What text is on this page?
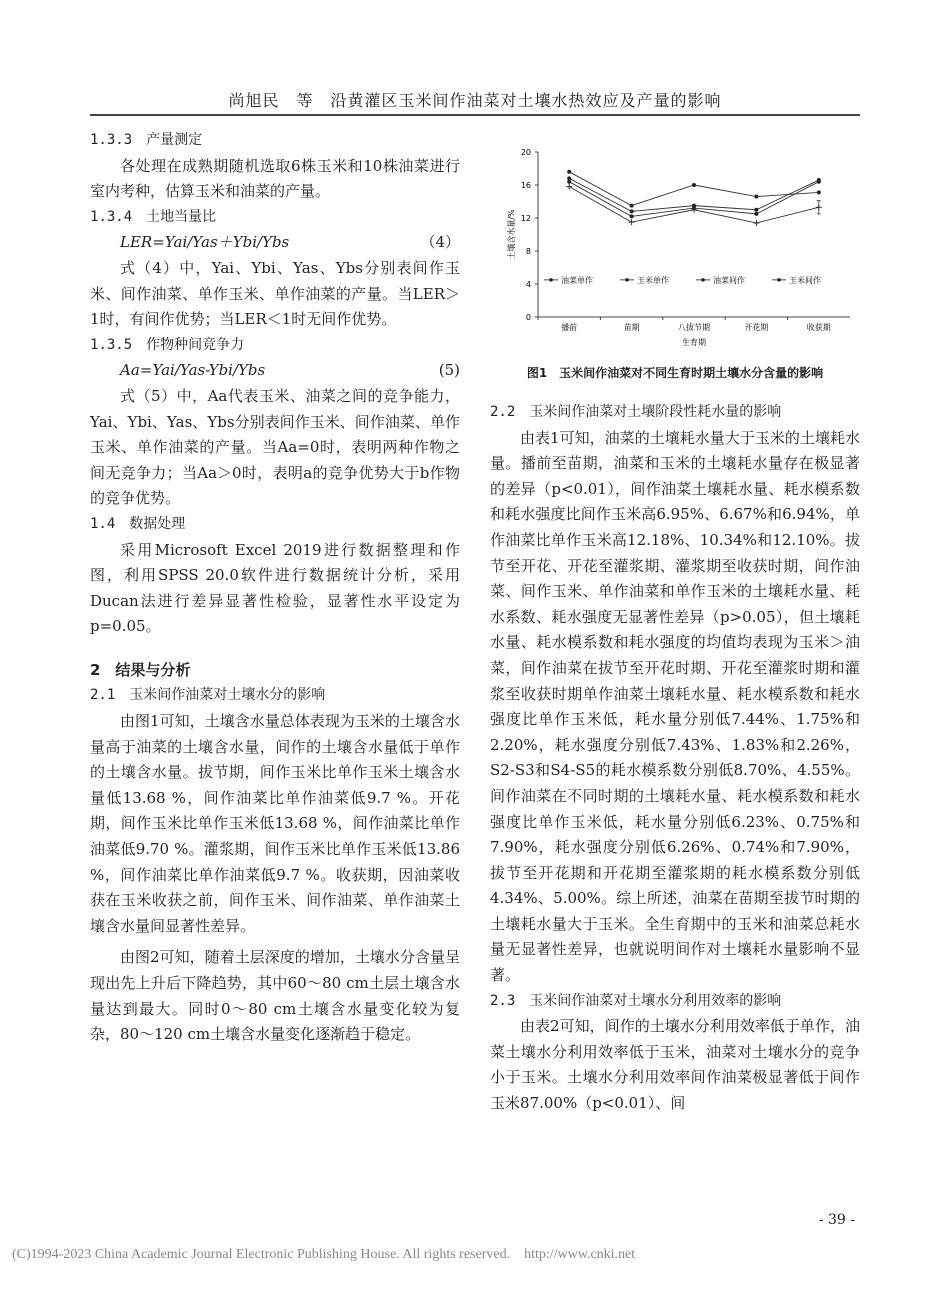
尚旭民　等　沿黄灌区玉米间作油菜对土壤水热效应及产量的影响
1.3.3　产量测定

各处理在成熟期随机选取6株玉米和10株油菜进行室内考种，估算玉米和油菜的产量。

1.3.4　土地当量比
LER=Yai/Yas＋Ybi/Ybs	（4）

式（4）中，Yai、Ybi、Yas、Ybs分别表间作玉米、间作油菜、单作玉米、单作油菜的产量。当LER＞1时，有间作优势；当LER＜1时无间作优势。

1.3.5　作物种间竞争力
Aa=Yai/Yas-Ybi/Ybs	(5)

式（5）中，Aa代表玉米、油菜之间的竞争能力，Yai、Ybi、Yas、Ybs分别表间作玉米、间作油菜、单作玉米、单作油菜的产量。当Aa=0时，表明两种作物之间无竞争力；当Aa＞0时，表明a的竞争优势大于b作物的竞争优势。

1.4　数据处理

采用Microsoft Excel 2019进行数据整理和作图，利用SPSS 20.0软件进行数据统计分析，采用Ducan法进行差异显著性检验，显著性水平设定为p=0.05。

2　结果与分析
2.1　玉米间作油菜对土壤水分的影响

由图1可知，土壤含水量总体表现为玉米的土壤含水量高于油菜的土壤含水量，间作的土壤含水量低于单作的土壤含水量。拔节期，间作玉米比单作玉米土壤含水量低13.68 %，间作油菜比单作油菜低9.7 %。开花期，间作玉米比单作玉米低13.68 %，间作油菜比单作油菜低9.70 %。灌浆期，间作玉米比单作玉米低13.86 %，间作油菜比单作油菜低9.7 %。收获期，因油菜收获在玉米收获之前，间作玉米、间作油菜、单作油菜土壤含水量间显著性差异。

由图2可知，随着土层深度的增加，土壤水分含量呈现出先上升后下降趋势，其中60～80 cm土层土壤含水量达到最大。同时0～80 cm土壤含水量变化较为复杂，80～120 cm土壤含水量变化逐渐趋于稳定。

0
4
8
12
16
20
播前	苗期	八拔节期	开花期	收获期
生育期
土壤含水量/%
油菜单作	玉米单作	油菜间作	玉米间作
图1　玉米间作油菜对不同生育时期土壤水分含量的影响
2.2　玉米间作油菜对土壤阶段性耗水量的影响

由表1可知，油菜的土壤耗水量大于玉米的土壤耗水量。播前至苗期，油菜和玉米的土壤耗水量存在极显著的差异（p<0.01），间作油菜土壤耗水量、耗水模系数和耗水强度比间作玉米高6.95%、6.67%和6.94%，单作油菜比单作玉米高12.18%、10.34%和12.10%。拔节至开花、开花至灌浆期、灌浆期至收获时期，间作油菜、间作玉米、单作油菜和单作玉米的土壤耗水量、耗水系数、耗水强度无显著性差异（p>0.05），但土壤耗水量、耗水模系数和耗水强度的均值均表现为玉米＞油菜，间作油菜在拔节至开花时期、开花至灌浆时期和灌浆至收获时期单作油菜土壤耗水量、耗水模系数和耗水强度比单作玉米低，耗水量分别低7.44%、1.75%和2.20%，耗水强度分别低7.43%、1.83%和2.26%，S2-S3和S4-S5的耗水模系数分别低8.70%、4.55%。间作油菜在不同时期的土壤耗水量、耗水模系数和耗水强度比单作玉米低，耗水量分别低6.23%、0.75%和7.90%，耗水强度分别低6.26%、0.74%和7.90%，拔节至开花期和开花期至灌浆期的耗水模系数分别低4.34%、5.00%。综上所述，油菜在苗期至拔节时期的土壤耗水量大于玉米。全生育期中的玉米和油菜总耗水量无显著性差异，也就说明间作对土壤耗水量影响不显著。

2.3　玉米间作油菜对土壤水分利用效率的影响

由表2可知，间作的土壤水分利用效率低于单作，油菜土壤水分利用效率低于玉米，油菜对土壤水分的竞争小于玉米。土壤水分利用效率间作油菜极显著低于间作玉米87.00%（p<0.01）、间

- 39 -
(C)1994-2023 China Academic Journal Electronic Publishing House. All rights reserved.　http://www.cnki.net
